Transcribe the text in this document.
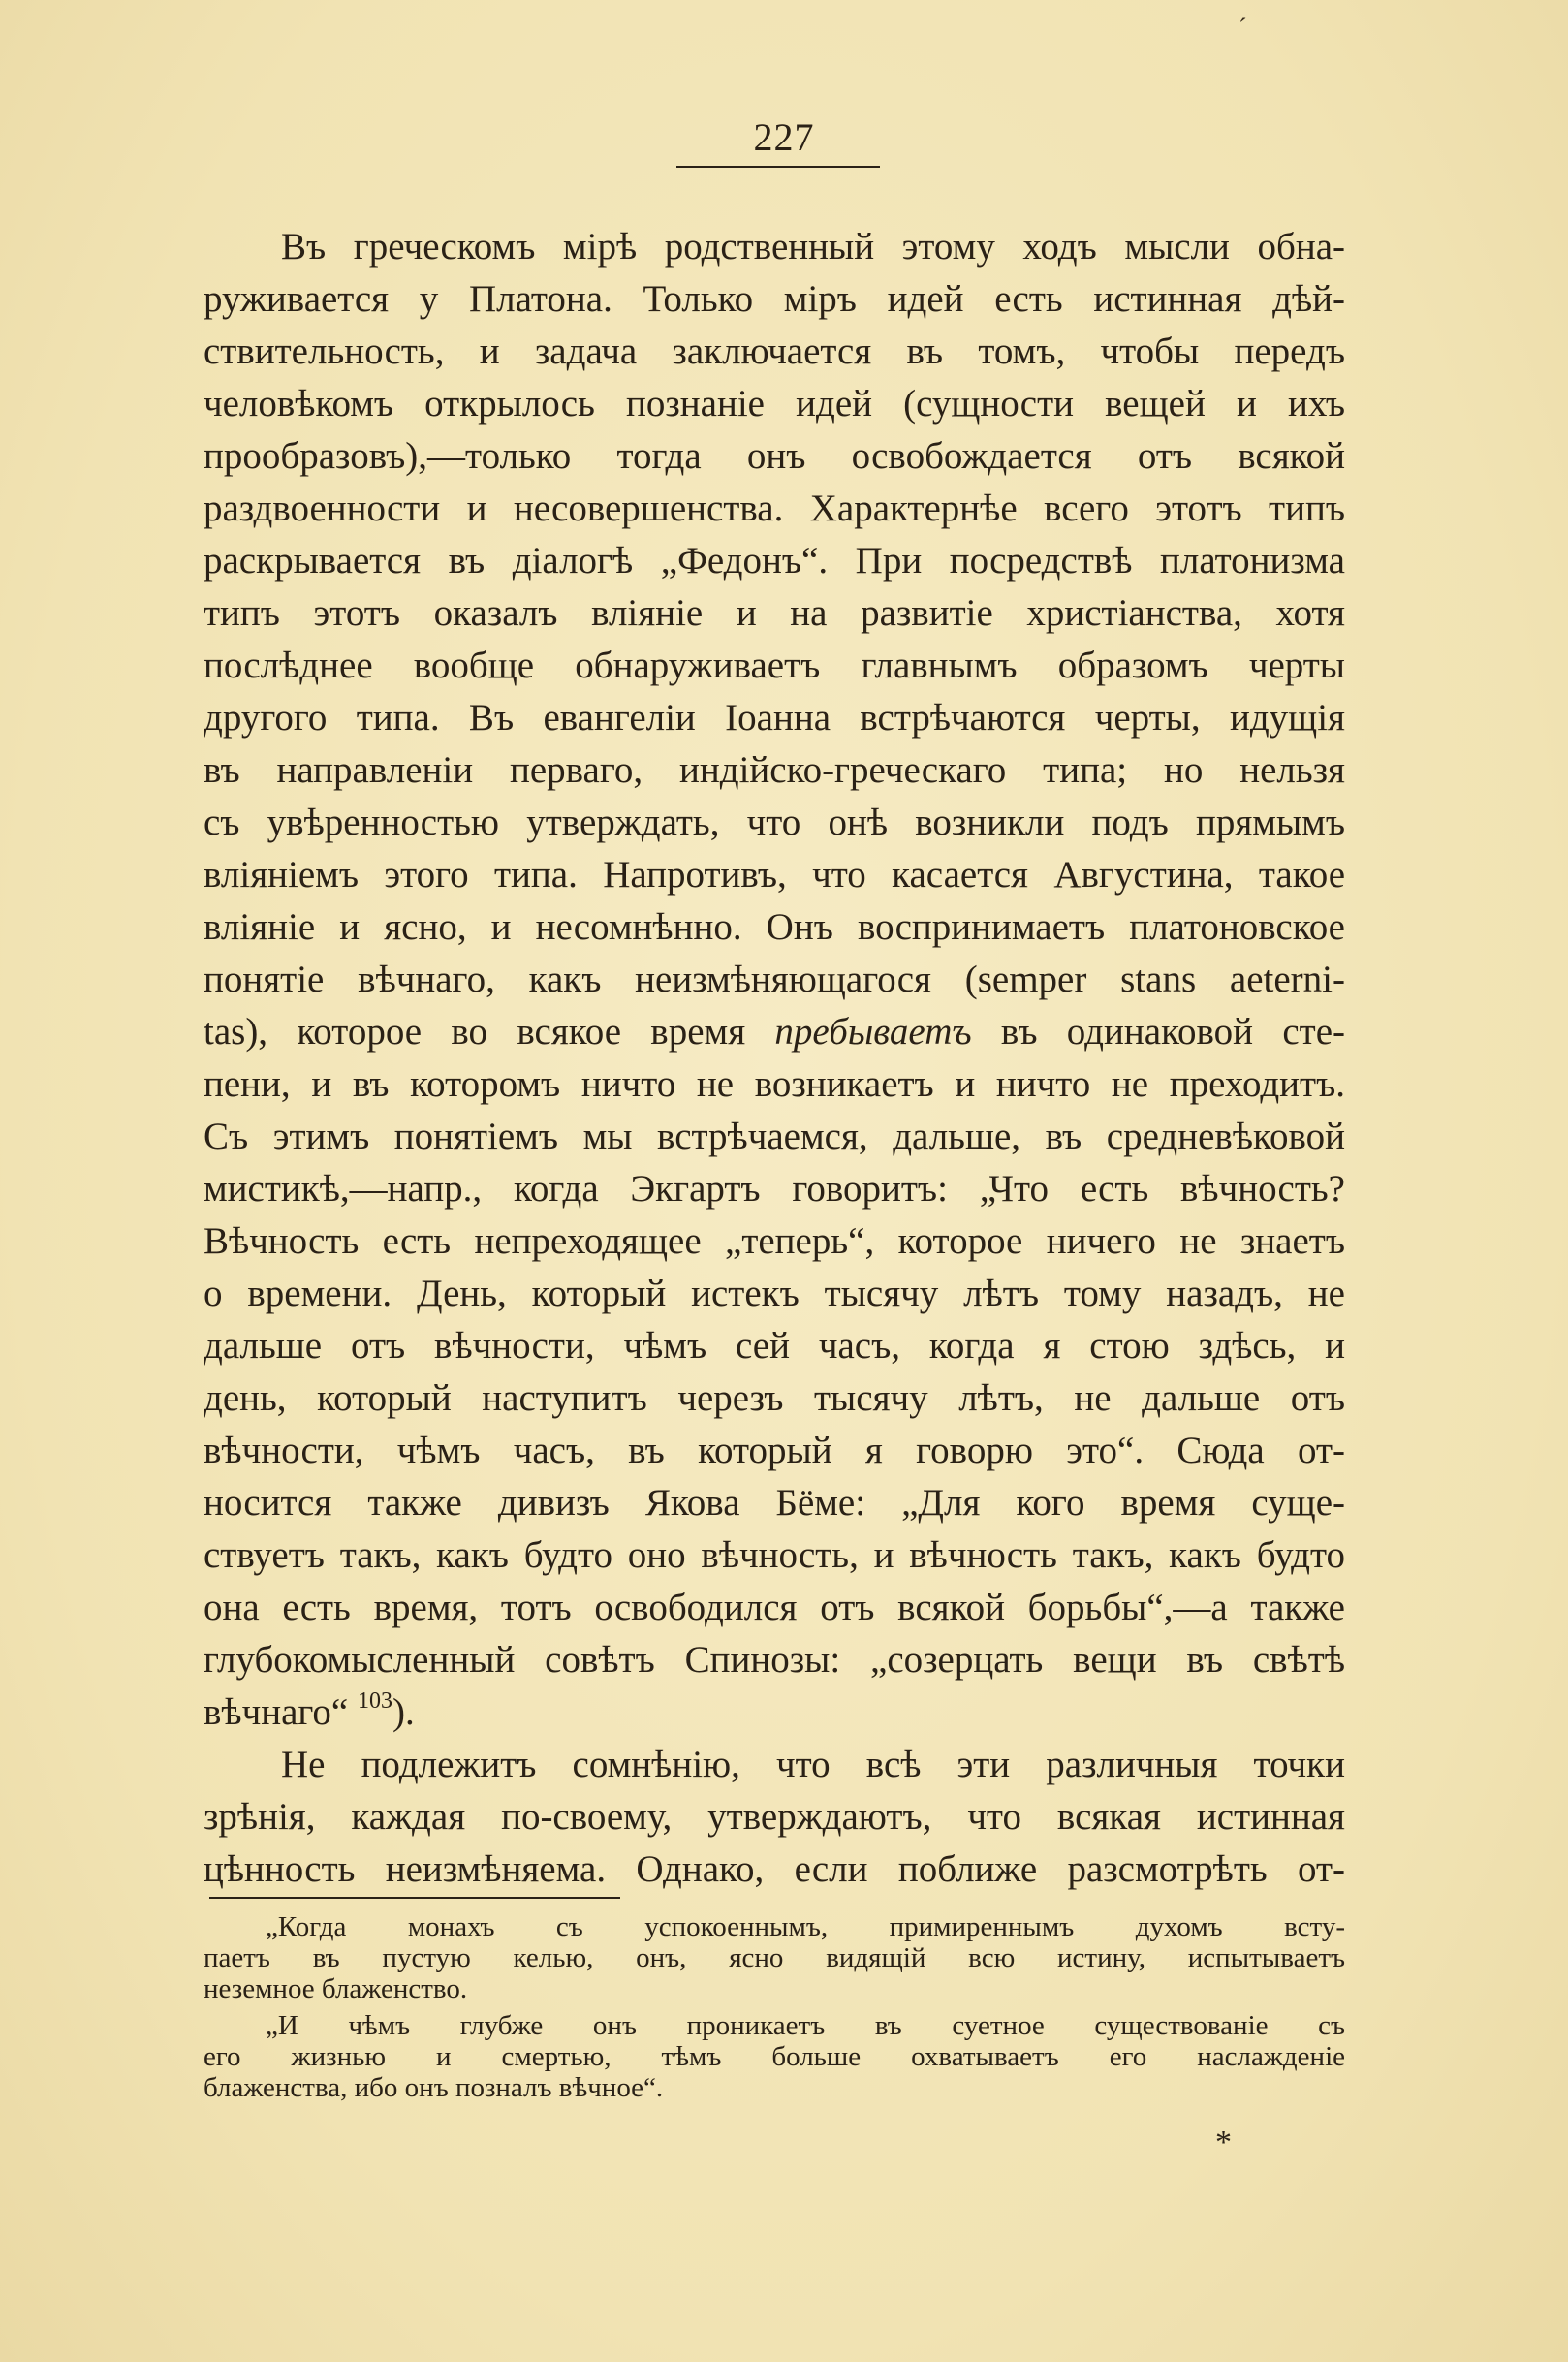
´
227
Въ греческомъ мірѣ родственный этому ходъ мысли обна-
руживается у Платона. Только міръ идей есть истинная дѣй-
ствительность, и задача заключается въ томъ, чтобы передъ
человѣкомъ открылось познаніе идей (сущности вещей и ихъ
прообразовъ),—только тогда онъ освобождается отъ всякой
раздвоенности и несовершенства. Характернѣе всего этотъ типъ
раскрывается въ діалогѣ „Федонъ“. При посредствѣ платонизма
типъ этотъ оказалъ вліяніе и на развитіе христіанства, хотя
послѣднее вообще обнаруживаетъ главнымъ образомъ черты
другого типа. Въ евангеліи Іоанна встрѣчаются черты, идущія
въ направленіи перваго, индійско-греческаго типа; но нельзя
съ увѣренностью утверждать, что онѣ возникли подъ прямымъ
вліяніемъ этого типа. Напротивъ, что касается Августина, такое
вліяніе и ясно, и несомнѣнно. Онъ воспринимаетъ платоновское
понятіе вѣчнаго, какъ неизмѣняющагося (semper stans aeterni-
tas), которое во всякое время пребываетъ въ одинаковой сте-
пени, и въ которомъ ничто не возникаетъ и ничто не преходитъ.
Съ этимъ понятіемъ мы встрѣчаемся, дальше, въ средневѣковой
мистикѣ,—напр., когда Экгартъ говоритъ: „Что есть вѣчность?
Вѣчность есть непреходящее „теперь“, которое ничего не знаетъ
о времени. День, который истекъ тысячу лѣтъ тому назадъ, не
дальше отъ вѣчности, чѣмъ сей часъ, когда я стою здѣсь, и
день, который наступитъ черезъ тысячу лѣтъ, не дальше отъ
вѣчности, чѣмъ часъ, въ который я говорю это“. Сюда от-
носится также дивизъ Якова Бёме: „Для кого время суще-
ствуетъ такъ, какъ будто оно вѣчность, и вѣчность такъ, какъ будто
она есть время, тотъ освободился отъ всякой борьбы“,—а также
глубокомысленный совѣтъ Спинозы: „созерцать вещи въ свѣтѣ
вѣчнаго“ $^{103}$).
Не подлежитъ сомнѣнію, что всѣ эти различныя точки
зрѣнія, каждая по-своему, утверждаютъ, что всякая истинная
цѣнность неизмѣняема. Однако, если поближе разсмотрѣть от-
„Когда монахъ съ успокоеннымъ, примиреннымъ духомъ всту-
паетъ въ пустую келью, онъ, ясно видящій всю истину, испытываетъ
неземное блаженство.
„И чѣмъ глубже онъ проникаетъ въ суетное существованіе съ
его жизнью и смертью, тѣмъ больше охватываетъ его наслажденіе
блаженства, ибо онъ позналъ вѣчное“.
*
